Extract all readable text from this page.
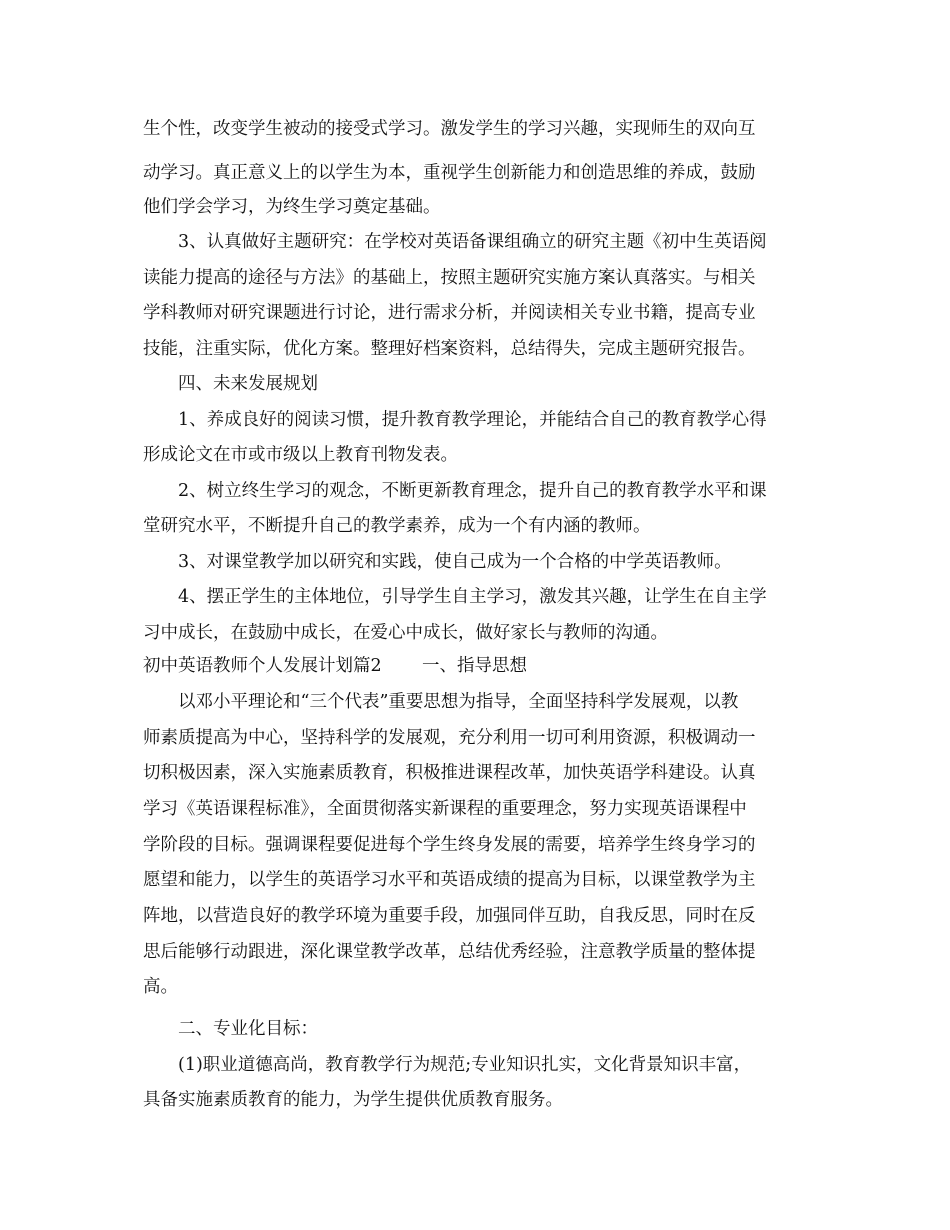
生个性，改变学生被动的接受式学习。激发学生的学习兴趣，实现师生的双向互
动学习。真正意义上的以学生为本，重视学生创新能力和创造思维的养成，鼓励
他们学会学习，为终生学习奠定基础。
3、认真做好主题研究：在学校对英语备课组确立的研究主题《初中生英语阅
读能力提高的途径与方法》的基础上，按照主题研究实施方案认真落实。与相关
学科教师对研究课题进行讨论，进行需求分析，并阅读相关专业书籍，提高专业
技能，注重实际，优化方案。整理好档案资料，总结得失，完成主题研究报告。
四、未来发展规划
1、养成良好的阅读习惯，提升教育教学理论，并能结合自己的教育教学心得
形成论文在市或市级以上教育刊物发表。
2、树立终生学习的观念，不断更新教育理念，提升自己的教育教学水平和课
堂研究水平，不断提升自己的教学素养，成为一个有内涵的教师。
3、对课堂教学加以研究和实践，使自己成为一个合格的中学英语教师。
4、摆正学生的主体地位，引导学生自主学习，激发其兴趣，让学生在自主学
习中成长，在鼓励中成长，在爱心中成长，做好家长与教师的沟通。
初中英语教师个人发展计划篇2 一、指导思想
以邓小平理论和“三个代表”重要思想为指导，全面坚持科学发展观，以教
师素质提高为中心，坚持科学的发展观，充分利用一切可利用资源，积极调动一
切积极因素，深入实施素质教育，积极推进课程改革，加快英语学科建设。认真
学习《英语课程标准》，全面贯彻落实新课程的重要理念，努力实现英语课程中
学阶段的目标。强调课程要促进每个学生终身发展的需要，培养学生终身学习的
愿望和能力，以学生的英语学习水平和英语成绩的提高为目标，以课堂教学为主
阵地，以营造良好的教学环境为重要手段，加强同伴互助，自我反思，同时在反
思后能够行动跟进，深化课堂教学改革，总结优秀经验，注意教学质量的整体提
高。
二、专业化目标：
(1)职业道德高尚，教育教学行为规范;专业知识扎实，文化背景知识丰富，
具备实施素质教育的能力，为学生提供优质教育服务。
